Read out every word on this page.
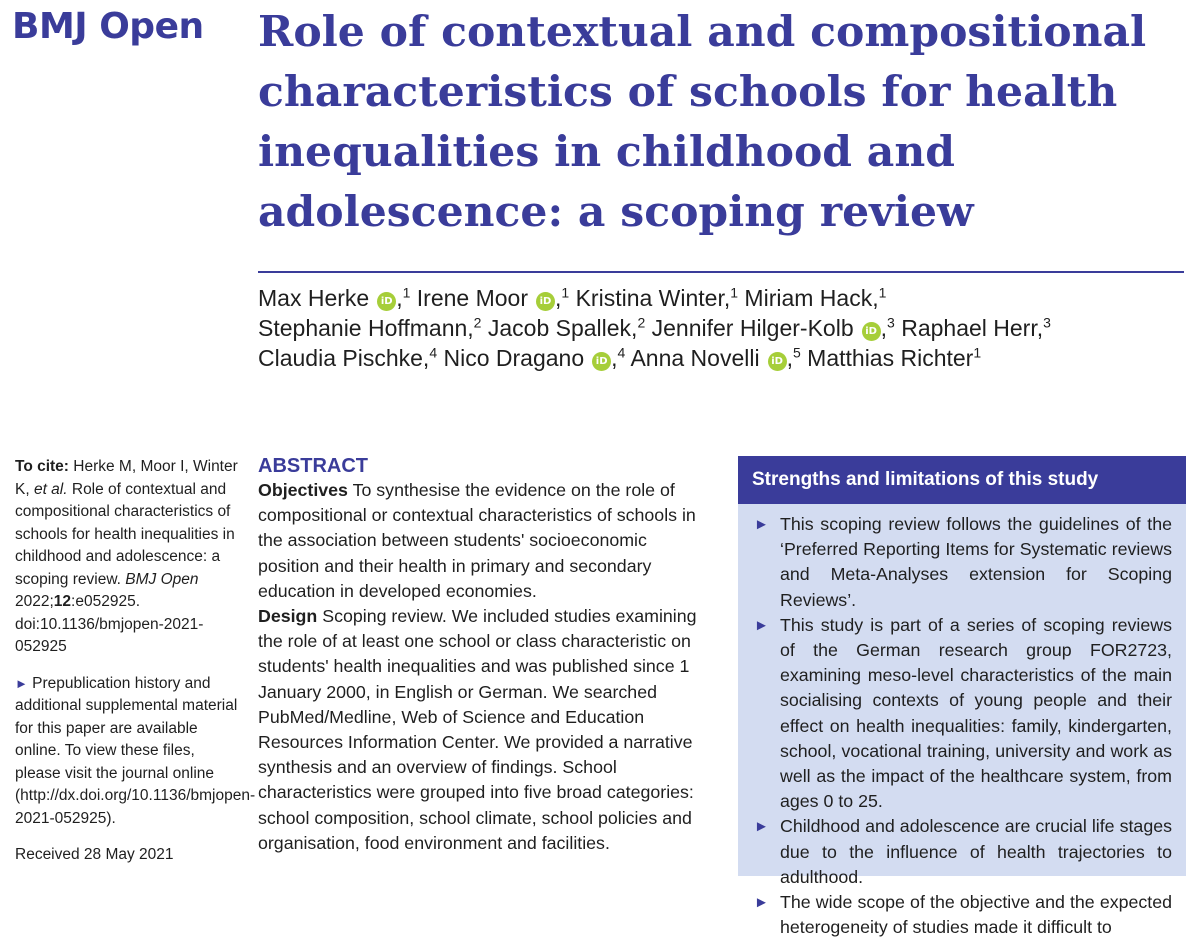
BMJ Open Role of contextual and compositional characteristics of schools for health inequalities in childhood and adolescence: a scoping review
Max Herke iD ,$^1$ Irene Moor iD ,$^1$ Kristina Winter,$^1$ Miriam Hack,$^1$
Stephanie Hoffmann,$^2$ Jacob Spallek,$^2$ Jennifer Hilger-Kolb iD ,$^3$ Raphael Herr,$^3$
Claudia Pischke,$^4$ Nico Dragano iD ,$^4$ Anna Novelli iD ,$^5$ Matthias Richter$^1$

To cite: Herke M, Moor I, Winter K, et al. Role of contextual and compositional characteristics of schools for health inequalities in childhood and adolescence: a scoping review. BMJ Open 2022;12:e052925. doi:10.1136/bmjopen-2021-052925

► Prepublication history and additional supplemental material for this paper are available online. To view these files, please visit the journal online (http://dx.doi.org/10.1136/bmjopen-2021-052925).

Received 28 May 2021

ABSTRACT

Objectives To synthesise the evidence on the role of compositional or contextual characteristics of schools in the association between students' socioeconomic position and their health in primary and secondary education in developed economies.

Design Scoping review. We included studies examining the role of at least one school or class characteristic on students' health inequalities and was published since 1 January 2000, in English or German. We searched PubMed/Medline, Web of Science and Education Resources Information Center. We provided a narrative synthesis and an overview of findings. School characteristics were grouped into five broad categories: school composition, school climate, school policies and organisation, food environment and facilities.

Strengths and limitations of this study
► This scoping review follows the guidelines of the ‘Preferred Reporting Items for Systematic reviews and Meta-Analyses extension for Scoping Reviews’.
► This study is part of a series of scoping reviews of the German research group FOR2723, examining meso-level characteristics of the main socialising contexts of young people and their effect on health inequalities: family, kindergarten, school, vocational training, university and work as well as the impact of the healthcare system, from ages 0 to 25.
► Childhood and adolescence are crucial life stages due to the influence of health trajectories to adulthood.
► The wide scope of the objective and the expected heterogeneity of studies made it difficult to
